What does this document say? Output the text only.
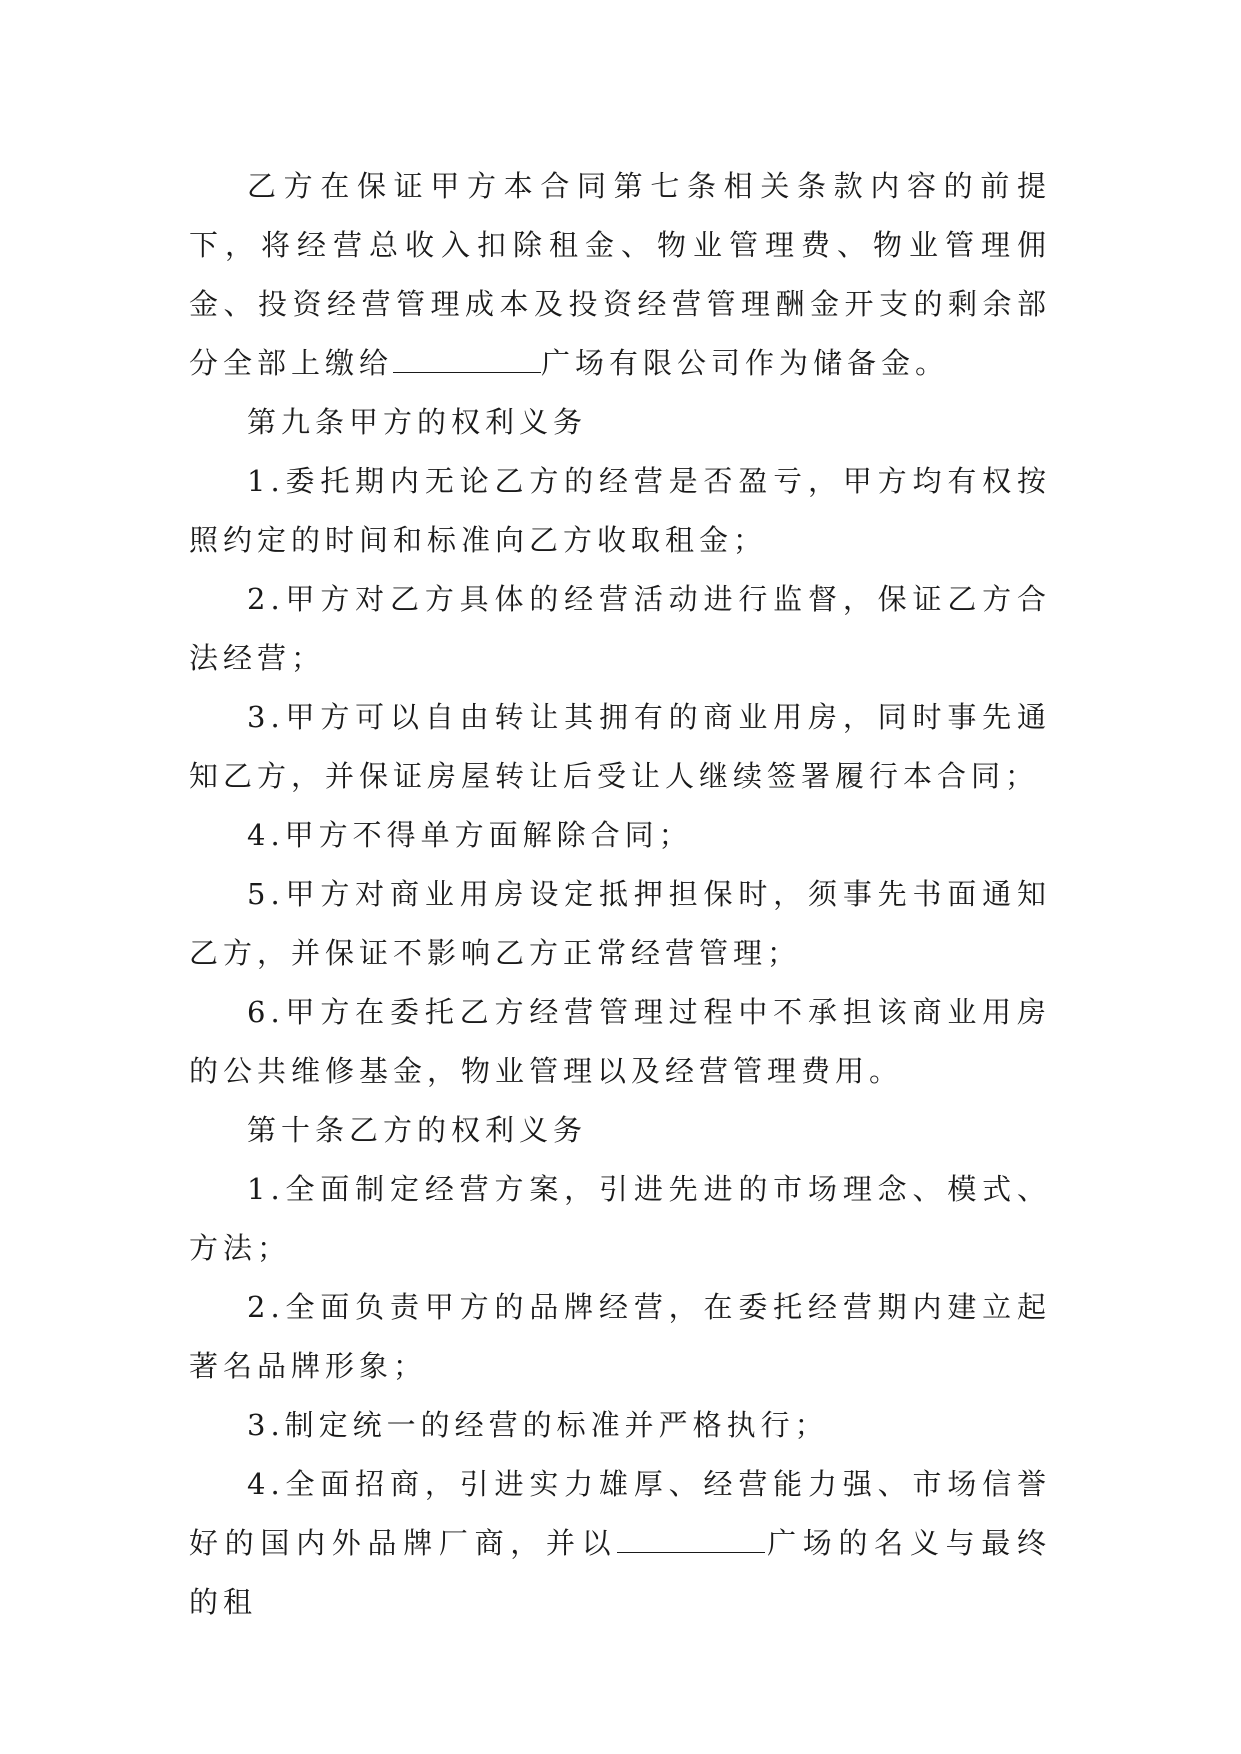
乙方在保证甲方本合同第七条相关条款内容的前提下，将经营总收入扣除租金、物业管理费、物业管理佣金、投资经营管理成本及投资经营管理酬金开支的剩余部分全部上缴给	广场有限公司作为储备金。

第九条甲方的权利义务

1.委托期内无论乙方的经营是否盈亏，甲方均有权按照约定的时间和标准向乙方收取租金；

2.甲方对乙方具体的经营活动进行监督，保证乙方合法经营；

3.甲方可以自由转让其拥有的商业用房，同时事先通知乙方，并保证房屋转让后受让人继续签署履行本合同；

4.甲方不得单方面解除合同；

5.甲方对商业用房设定抵押担保时，须事先书面通知乙方，并保证不影响乙方正常经营管理；

6.甲方在委托乙方经营管理过程中不承担该商业用房的公共维修基金，物业管理以及经营管理费用。

第十条乙方的权利义务

1.全面制定经营方案，引进先进的市场理念、模式、方法；

2.全面负责甲方的品牌经营，在委托经营期内建立起著名品牌形象；

3.制定统一的经营的标准并严格执行；

4.全面招商，引进实力雄厚、经营能力强、市场信誉好的国内外品牌厂商，并以	广场的名义与最终的租
